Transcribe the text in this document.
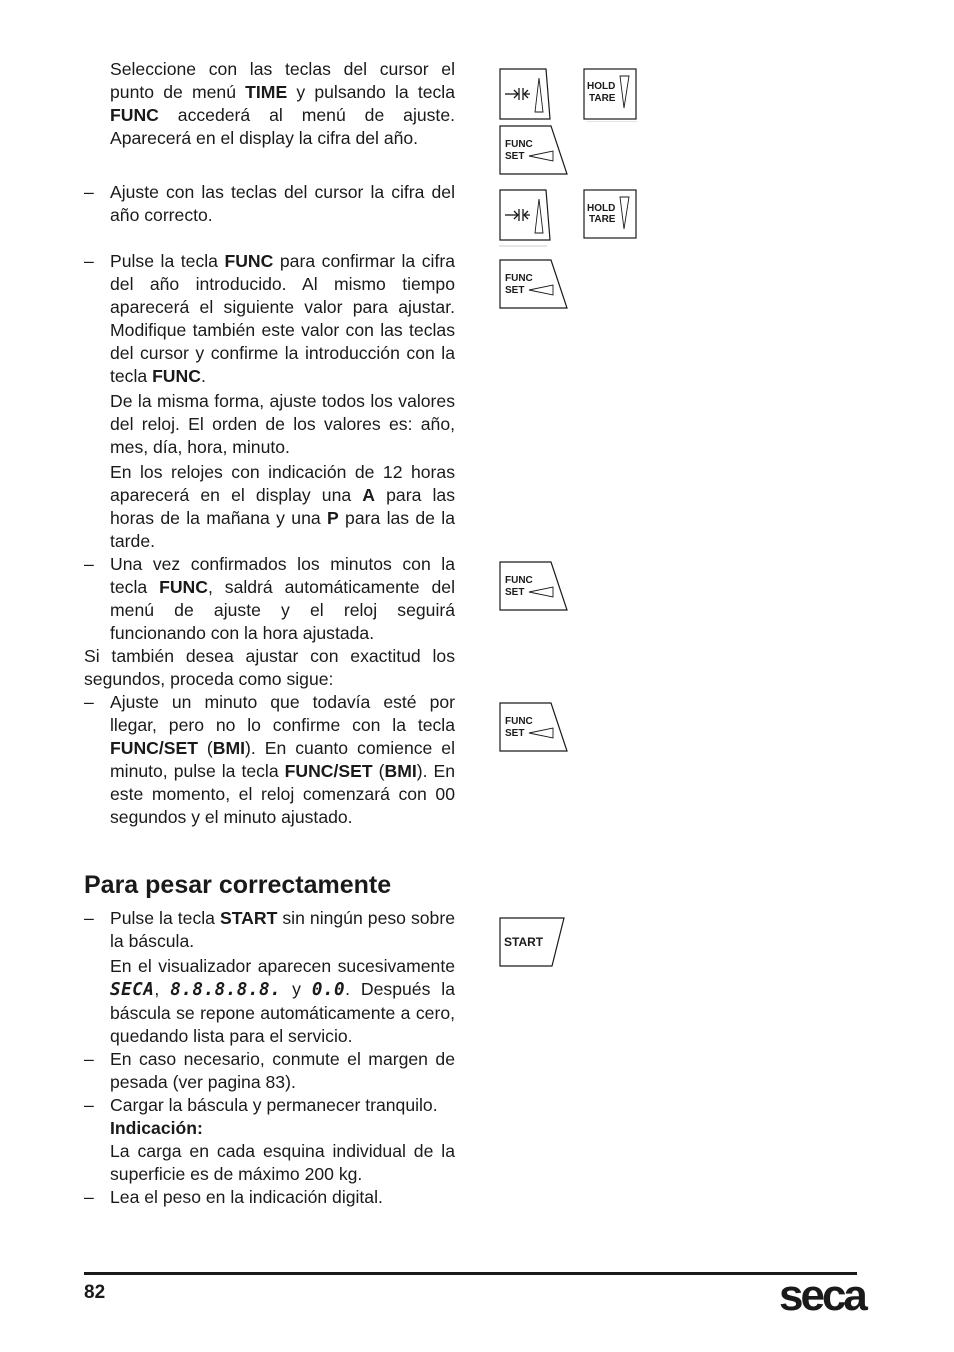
Seleccione con las teclas del cursor el punto de menú TIME y pulsando la tecla FUNC accederá al menú de ajuste. Aparecerá en el display la cifra del año.
– Ajuste con las teclas del cursor la cifra del año correcto.
– Pulse la tecla FUNC para confirmar la cifra del año introducido. Al mismo tiempo aparecerá el siguiente valor para ajustar. Modifique también este valor con las teclas del cursor y confirme la introducción con la tecla FUNC.
De la misma forma, ajuste todos los valores del reloj. El orden de los valores es: año, mes, día, hora, minuto.
En los relojes con indicación de 12 horas aparecerá en el display una A para las horas de la mañana y una P para las de la tarde.
– Una vez confirmados los minutos con la tecla FUNC, saldrá automáticamente del menú de ajuste y el reloj seguirá funcionando con la hora ajustada.
Si también desea ajustar con exactitud los segundos, proceda como sigue:
– Ajuste un minuto que todavía esté por llegar, pero no lo confirme con la tecla FUNC/SET (BMI). En cuanto comience el minuto, pulse la tecla FUNC/SET (BMI). En este momento, el reloj comenzará con 00 segundos y el minuto ajustado.
Para pesar correctamente
– Pulse la tecla START sin ningún peso sobre la báscula.
En el visualizador aparecen sucesivamente SECA, 8.8.8.8.8. y 0.0. Después la báscula se repone automáticamente a cero, quedando lista para el servicio.
– En caso necesario, conmute el margen de pesada (ver pagina 83).
– Cargar la báscula y permanecer tranquilo.
Indicación:
La carga en cada esquina individual de la superficie es de máximo 200 kg.
– Lea el peso en la indicación digital.
HOLD
TARE
FUNC
SET
HOLD
TARE
FUNC
SET
FUNC
SET
FUNC
SET
START
82	seca
